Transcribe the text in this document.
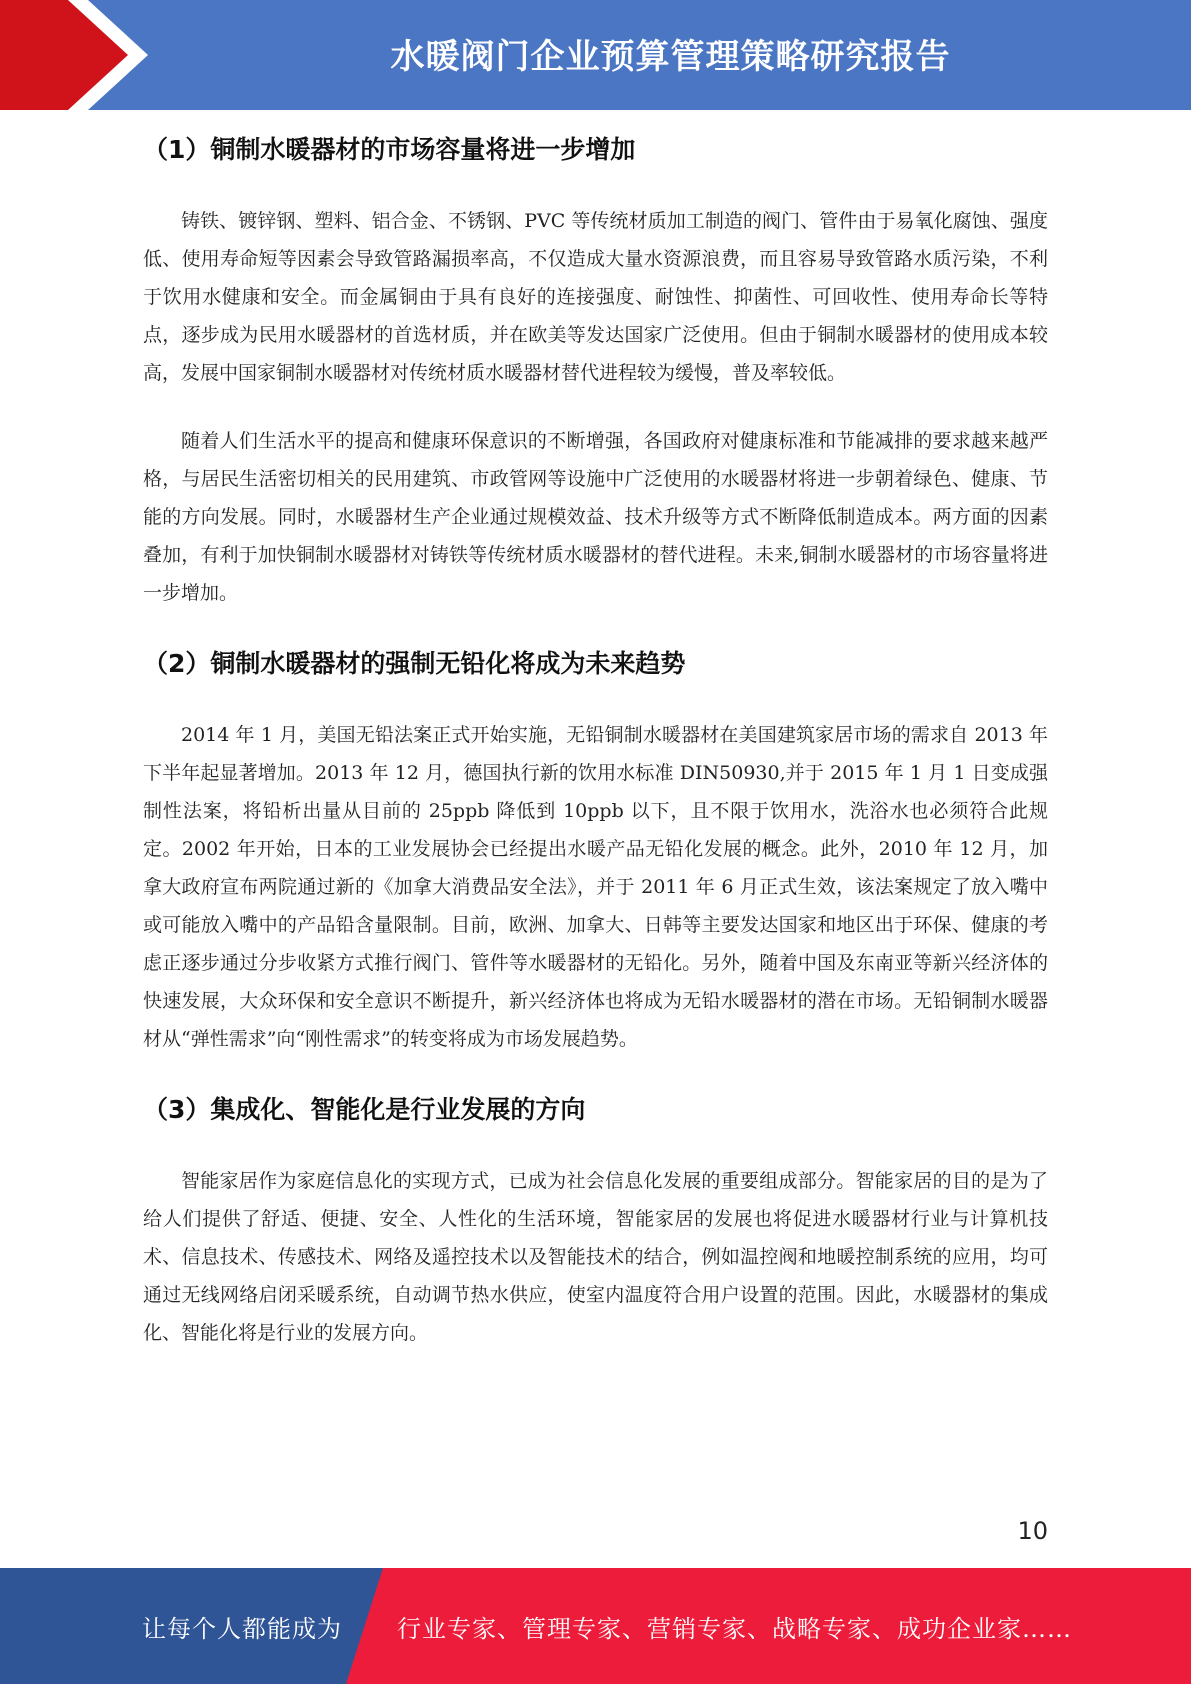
水暖阀门企业预算管理策略研究报告
（1）铜制水暖器材的市场容量将进一步增加

铸铁、镀锌钢、塑料、铝合金、不锈钢、PVC 等传统材质加工制造的阀门、管件由于易氧化腐蚀、强度低、使用寿命短等因素会导致管路漏损率高，不仅造成大量水资源浪费，而且容易导致管路水质污染，不利于饮用水健康和安全。而金属铜由于具有良好的连接强度、耐蚀性、抑菌性、可回收性、使用寿命长等特点，逐步成为民用水暖器材的首选材质，并在欧美等发达国家广泛使用。但由于铜制水暖器材的使用成本较高，发展中国家铜制水暖器材对传统材质水暖器材替代进程较为缓慢，普及率较低。

随着人们生活水平的提高和健康环保意识的不断增强，各国政府对健康标准和节能减排的要求越来越严格，与居民生活密切相关的民用建筑、市政管网等设施中广泛使用的水暖器材将进一步朝着绿色、健康、节能的方向发展。同时，水暖器材生产企业通过规模效益、技术升级等方式不断降低制造成本。两方面的因素叠加，有利于加快铜制水暖器材对铸铁等传统材质水暖器材的替代进程。未来,铜制水暖器材的市场容量将进一步增加。

（2）铜制水暖器材的强制无铅化将成为未来趋势

2014 年 1 月，美国无铅法案正式开始实施，无铅铜制水暖器材在美国建筑家居市场的需求自 2013 年下半年起显著增加。2013 年 12 月，德国执行新的饮用水标准 DIN50930,并于 2015 年 1 月 1 日变成强制性法案，将铅析出量从目前的 25ppb 降低到 10ppb 以下，且不限于饮用水，洗浴水也必须符合此规定。2002 年开始，日本的工业发展协会已经提出水暖产品无铅化发展的概念。此外，2010 年 12 月，加拿大政府宣布两院通过新的《加拿大消费品安全法》，并于 2011 年 6 月正式生效，该法案规定了放入嘴中或可能放入嘴中的产品铅含量限制。目前，欧洲、加拿大、日韩等主要发达国家和地区出于环保、健康的考虑正逐步通过分步收紧方式推行阀门、管件等水暖器材的无铅化。另外，随着中国及东南亚等新兴经济体的快速发展，大众环保和安全意识不断提升，新兴经济体也将成为无铅水暖器材的潜在市场。无铅铜制水暖器材从“弹性需求”向“刚性需求”的转变将成为市场发展趋势。

（3）集成化、智能化是行业发展的方向

智能家居作为家庭信息化的实现方式，已成为社会信息化发展的重要组成部分。智能家居的目的是为了给人们提供了舒适、便捷、安全、人性化的生活环境，智能家居的发展也将促进水暖器材行业与计算机技术、信息技术、传感技术、网络及遥控技术以及智能技术的结合，例如温控阀和地暖控制系统的应用，均可通过无线网络启闭采暖系统，自动调节热水供应，使室内温度符合用户设置的范围。因此，水暖器材的集成化、智能化将是行业的发展方向。

10
让每个人都能成为 行业专家、管理专家、营销专家、战略专家、成功企业家……
